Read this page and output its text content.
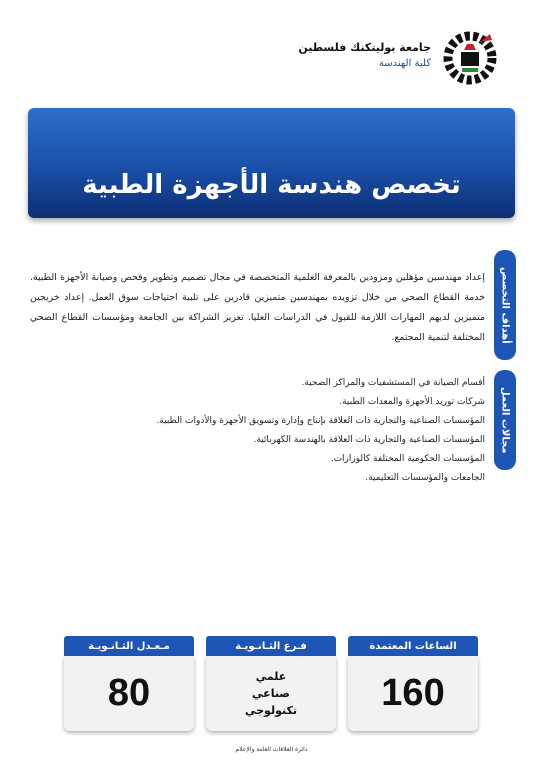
جامعة بوليتكنك فلسطين
كلية الهندسة
تخصص هندسة الأجهزة الطبية
أهداف التخصص
مجالات العمل

إعداد مهندسين مؤهلين ومزودين بالمعرفة العلمية المتخصصة في مجال تصميم وتطوير وفحص وصيانة الأجهزة الطبية. خدمة القطاع الصحي من خلال تزويده بمهندسين متميزين قادرين على تلبية احتياجات سوق العمل. إعداد خريجين متميزين لديهم المهارات اللازمة للقبول في الدراسات العليا. تعزيز الشراكة بين الجامعة ومؤسسات القطاع الصحي المختلفة لتنمية المجتمع.

أقسام الصيانة في المستشفيات والمراكز الصحية.
شركات توريد الأجهزة والمعدات الطبية.
المؤسسات الصناعية والتجارية ذات العلاقة بإنتاج وإدارة وتسويق الأجهزة والأدوات الطبية.
المؤسسات الصناعية والتجارية ذات العلاقة بالهندسة الكهربائية.
المؤسسات الحكومية المختلفة كالوزارات.
الجامعات والمؤسسات التعليمية.
الساعات المعتمدة
160
فـرع الثـانـويـة
علمي
صناعي
تكنولوجي
مـعـدل الثـانـويـة
80
دائرة العلاقات العامة والإعلام
